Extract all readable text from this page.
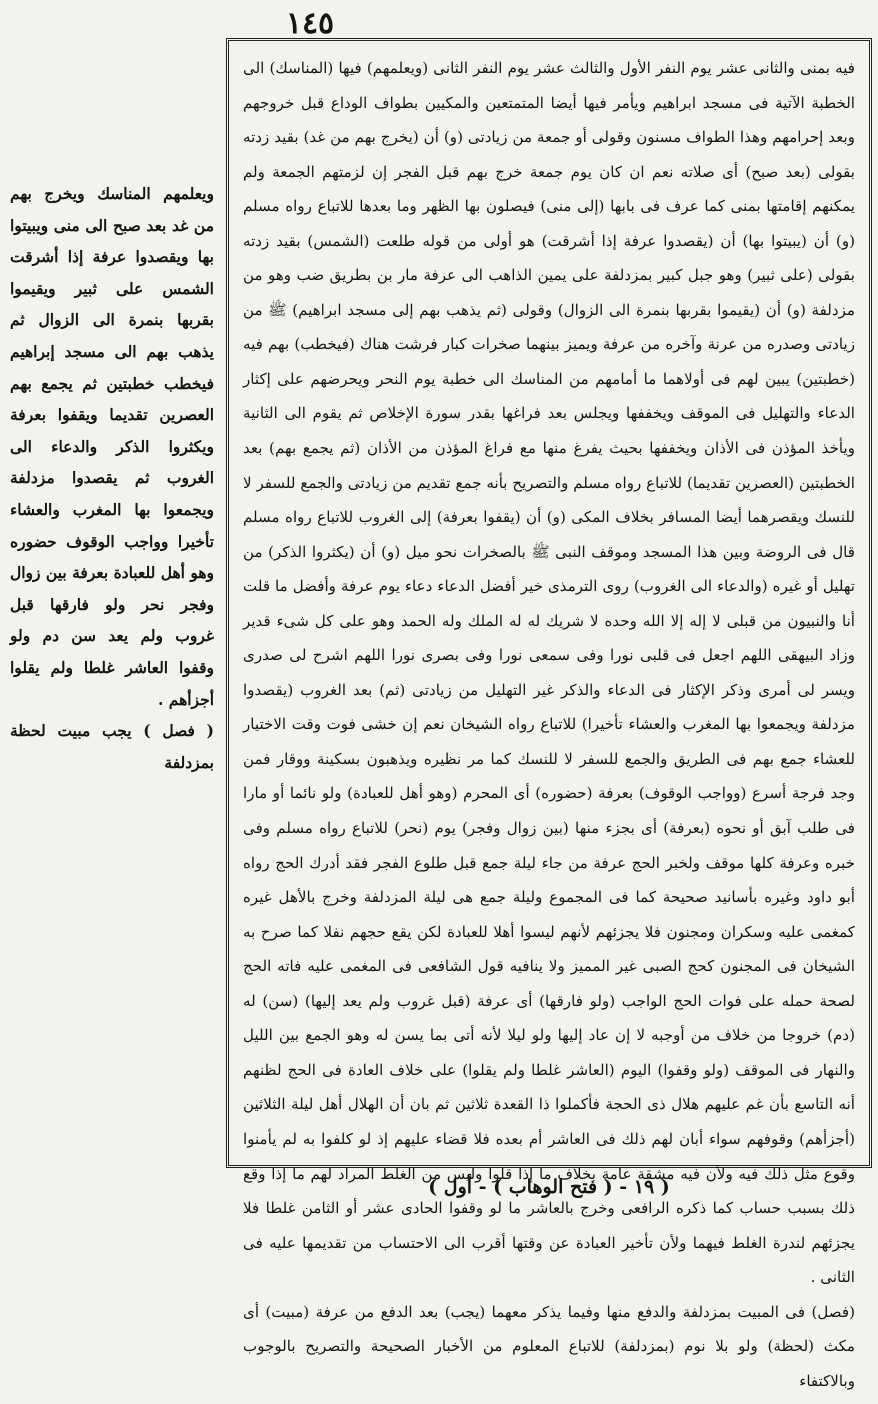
١٤٥

فيه بمنى والثانى عشر يوم النفر الأول والثالث عشر يوم النفر الثانى (ويعلمهم) فيها (المناسك) الى الخطبة الآتية فى مسجد ابراهيم ويأمر فيها أيضا المتمتعين والمكيين بطواف الوداع قبل خروجهم وبعد إحرامهم وهذا الطواف مسنون وقولى أو جمعة من زيادتى (و) أن (يخرج بهم من غد) بقيد زدته بقولى (بعد صبح) أى صلاته نعم ان كان يوم جمعة خرج بهم قبل الفجر إن لزمتهم الجمعة ولم يمكنهم إقامتها بمنى كما عرف فى بابها (إلى منى) فيصلون بها الظهر وما بعدها للاتباع رواه مسلم (و) أن (يبيتوا بها) أن (يقصدوا عرفة إذا أشرقت) هو أولى من قوله طلعت (الشمس) بقيد زدته بقولى (على ثبير) وهو جبل كبير بمزدلفة على يمين الذاهب الى عرفة مار بن بطريق ضب وهو من مزدلفة (و) أن (يقيموا بقربها بنمرة الى الزوال) وقولى (ثم يذهب بهم إلى مسجد ابراهيم) ﷺ من زيادتى وصدره من عرنة وآخره من عرفة ويميز بينهما صخرات كبار فرشت هناك (فيخطب) بهم فيه (خطبتين) يبين لهم فى أولاهما ما أمامهم من المناسك الى خطبة يوم النحر ويحرضهم على إكثار الدعاء والتهليل فى الموقف ويخففها ويجلس بعد فراغها بقدر سورة الإخلاص ثم يقوم الى الثانية ويأخذ المؤذن فى الأذان ويخففها بحيث يفرغ منها مع فراغ المؤذن من الأذان (ثم يجمع بهم) بعد الخطبتين (العصرين تقديما) للاتباع رواه مسلم والتصريح بأنه جمع تقديم من زيادتى والجمع للسفر لا للنسك ويقصرهما أيضا المسافر بخلاف المكى (و) أن (يقفوا بعرفة) إلى الغروب للاتباع رواه مسلم قال فى الروضة وبين هذا المسجد وموقف النبى ﷺ بالصخرات نحو ميل (و) أن (يكثروا الذكر) من تهليل أو غيره (والدعاء الى الغروب) روى الترمذى خير أفضل الدعاء دعاء يوم عرفة وأفضل ما قلت أنا والنبيون من قبلى لا إله إلا الله وحده لا شريك له له الملك وله الحمد وهو على كل شىء قدير وزاد البيهقى اللهم اجعل فى قلبى نورا وفى سمعى نورا وفى بصرى نورا اللهم اشرح لى صدرى ويسر لى أمرى وذكر الإكثار فى الدعاء والذكر غير التهليل من زيادتى (ثم) بعد الغروب (يقصدوا مزدلفة ويجمعوا بها المغرب والعشاء تأخيرا) للاتباع رواه الشيخان نعم إن خشى فوت وقت الاختيار للعشاء جمع بهم فى الطريق والجمع للسفر لا للنسك كما مر نظيره ويذهبون بسكينة ووقار فمن وجد فرجة أسرع (وواجب الوقوف) بعرفة (حضوره) أى المحرم (وهو أهل للعبادة) ولو نائما أو مارا فى طلب آبق أو نحوه (بعرفة) أى بجزء منها (بين زوال وفجر) يوم (نحر) للاتباع رواه مسلم وفى خبره وعرفة كلها موقف ولخبر الحج عرفة من جاء ليلة جمع قبل طلوع الفجر فقد أدرك الحج رواه أبو داود وغيره بأسانيد صحيحة كما فى المجموع وليلة جمع هى ليلة المزدلفة وخرج بالأهل غيره كمغمى عليه وسكران ومجنون فلا يجزئهم لأنهم ليسوا أهلا للعبادة لكن يقع حجهم نفلا كما صرح به الشيخان فى المجنون كحج الصبى غير المميز ولا ينافيه قول الشافعى فى المغمى عليه فاته الحج لصحة حمله على فوات الحج الواجب (ولو فارقها) أى عرفة (قبل غروب ولم يعد إليها) (سن) له (دم) خروجا من خلاف من أوجبه لا إن عاد إليها ولو ليلا لأنه أتى بما يسن له وهو الجمع بين الليل والنهار فى الموقف (ولو وقفوا) اليوم (العاشر غلطا ولم يقلوا) على خلاف العادة فى الحج لظنهم أنه التاسع بأن غم عليهم هلال ذى الحجة فأكملوا ذا القعدة ثلاثين ثم بان أن الهلال أهل ليلة الثلاثين (أجزأهم) وقوفهم سواء أبان لهم ذلك فى العاشر أم بعده فلا قضاء عليهم إذ لو كلفوا به لم يأمنوا وقوع مثل ذلك فيه ولأن فيه مشقة عامة بخلاف ما إذا قلوا وليس من الغلط المراد لهم ما إذا وقع ذلك بسبب حساب كما ذكره الرافعى وخرج بالعاشر ما لو وقفوا الحادى عشر أو الثامن غلطا فلا يجزئهم لندرة الغلط فيهما ولأن تأخير العبادة عن وقتها أقرب الى الاحتساب من تقديمها عليه فى الثانى .

(فصل) فى المبيت بمزدلفة والدفع منها وفيما يذكر معهما (يجب) بعد الدفع من عرفة (مبيت) أى مكث (لحظة) ولو بلا نوم (بمزدلفة) للاتباع المعلوم من الأخبار الصحيحة والتصريح بالوجوب وبالاكتفاء

ويعلمهم المناسك ويخرج بهم من غد بعد صبح الى منى ويبيتوا بها ويقصدوا عرفة إذا أشرقت الشمس على ثبير ويقيموا بقربها بنمرة الى الزوال ثم يذهب بهم الى مسجد إبراهيم فيخطب خطبتين ثم يجمع بهم العصرين تقديما ويقفوا بعرفة ويكثروا الذكر والدعاء الى الغروب ثم يقصدوا مزدلفة ويجمعوا بها المغرب والعشاء تأخيرا وواجب الوقوف حضوره وهو أهل للعبادة بعرفة بين زوال وفجر نحر ولو فارقها قبل غروب ولم يعد سن دم ولو وقفوا العاشر غلطا ولم يقلوا أجزأهم .

( فصل ) يجب مبيت لحظة بمزدلفة

( ١٩ - ( فتح الوهاب ) - أول )
